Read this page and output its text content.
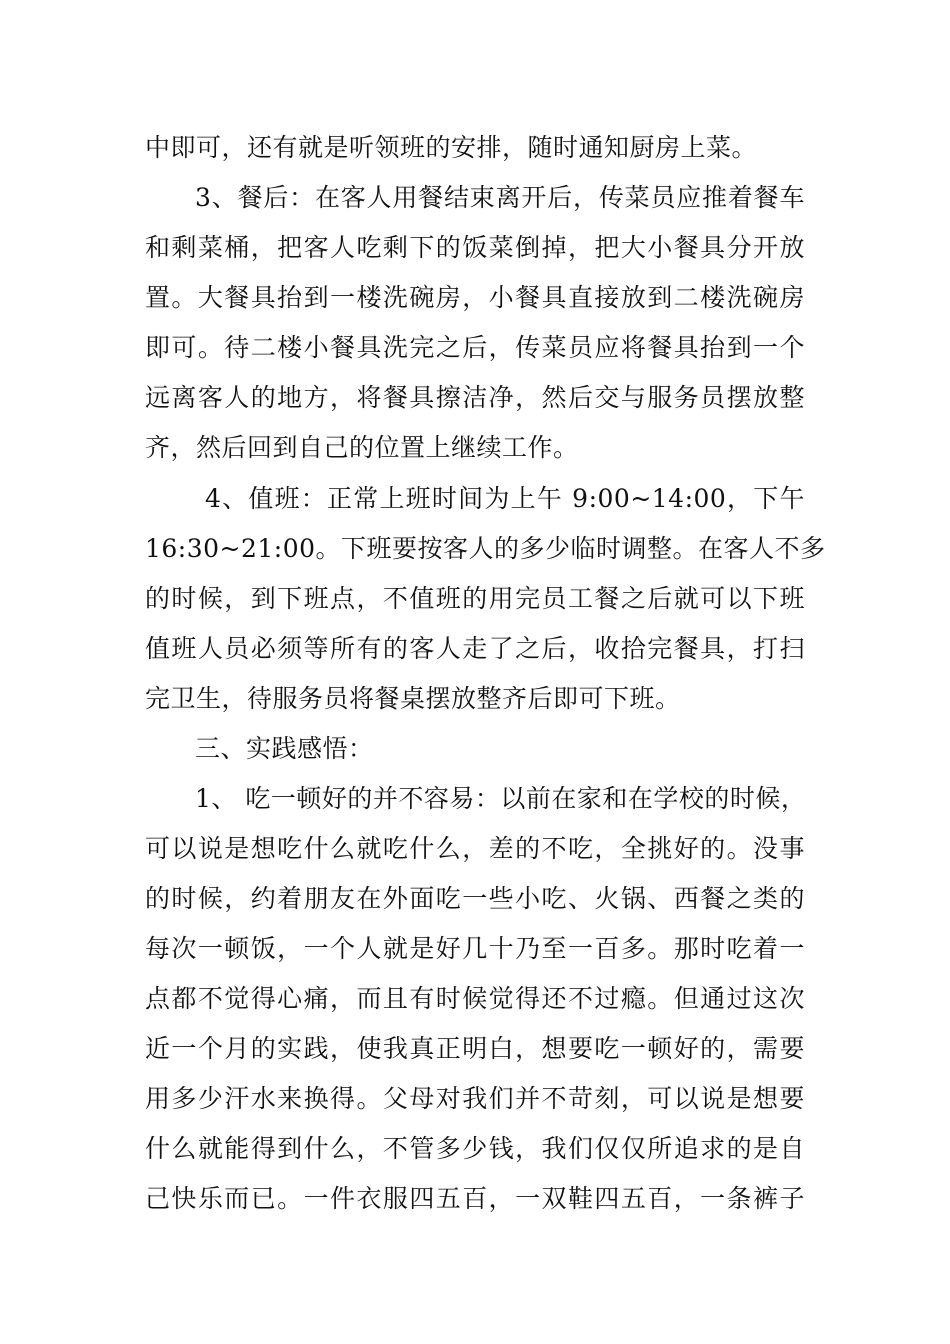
中即可，还有就是听领班的安排，随时通知厨房上菜。
3、餐后：在客人用餐结束离开后，传菜员应推着餐车
和剩菜桶，把客人吃剩下的饭菜倒掉，把大小餐具分开放
置。大餐具抬到一楼洗碗房，小餐具直接放到二楼洗碗房
即可。待二楼小餐具洗完之后，传菜员应将餐具抬到一个
远离客人的地方，将餐具擦洁净，然后交与服务员摆放整
齐，然后回到自己的位置上继续工作。
4、值班：正常上班时间为上午 9:00~14:00，下午
16:30~21:00。下班要按客人的多少临时调整。在客人不多
的时候，到下班点，不值班的用完员工餐之后就可以下班
值班人员必须等所有的客人走了之后，收拾完餐具，打扫
完卫生，待服务员将餐桌摆放整齐后即可下班。
三、实践感悟：
1、 吃一顿好的并不容易：以前在家和在学校的时候，
可以说是想吃什么就吃什么，差的不吃，全挑好的。没事
的时候，约着朋友在外面吃一些小吃、火锅、西餐之类的
每次一顿饭，一个人就是好几十乃至一百多。那时吃着一
点都不觉得心痛，而且有时候觉得还不过瘾。但通过这次
近一个月的实践，使我真正明白，想要吃一顿好的，需要
用多少汗水来换得。父母对我们并不苛刻，可以说是想要
什么就能得到什么，不管多少钱，我们仅仅所追求的是自
己快乐而已。一件衣服四五百，一双鞋四五百，一条裤子
